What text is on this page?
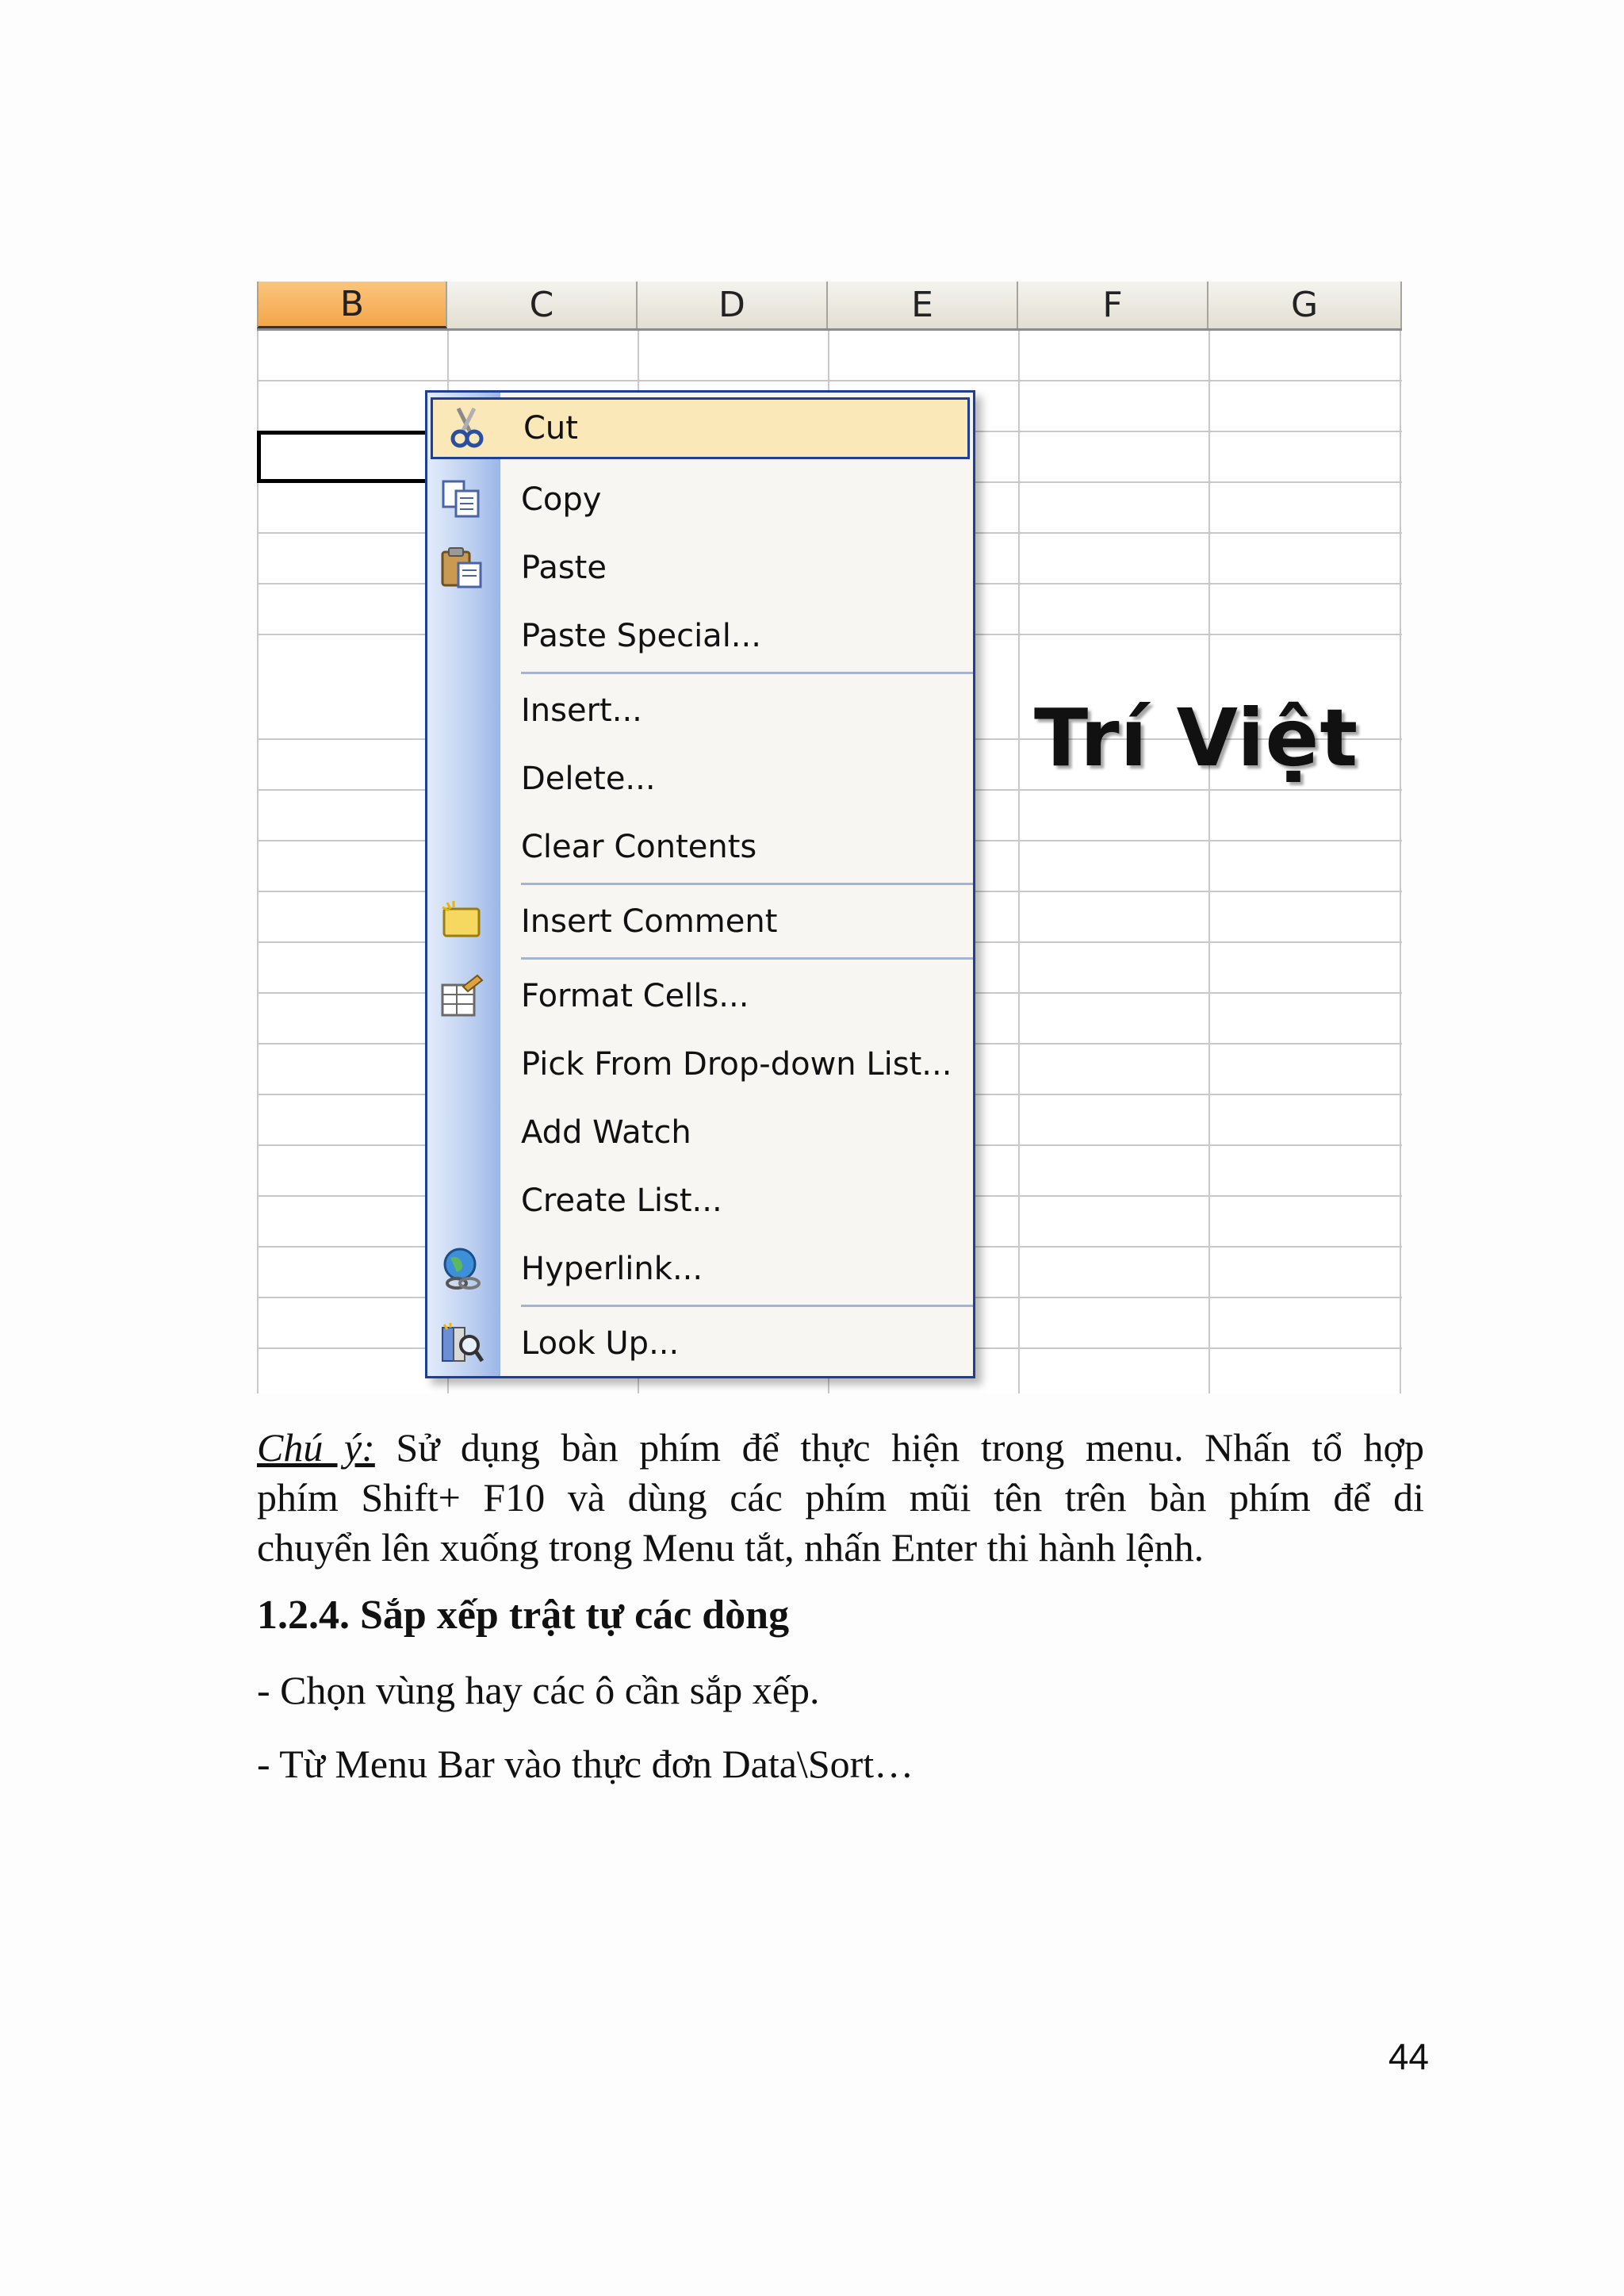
B	C	D	E	F	G
Trí Việt
Cut
Copy
Paste
Paste Special...
Insert...
Delete...
Clear Contents
Insert Comment
Format Cells...
Pick From Drop-down List...
Add Watch
Create List...
Hyperlink...
Look Up...
Chú ý: Sử dụng bàn phím để thực hiện trong menu. Nhấn tổ hợp
phím Shift+ F10 và dùng các phím mũi tên trên bàn phím để di
chuyển lên xuống trong Menu tắt, nhấn Enter thi hành lệnh.
1.2.4. Sắp xếp trật tự các dòng
- Chọn vùng hay các ô cần sắp xếp.
- Từ Menu Bar vào thực đơn Data\Sort…
44
